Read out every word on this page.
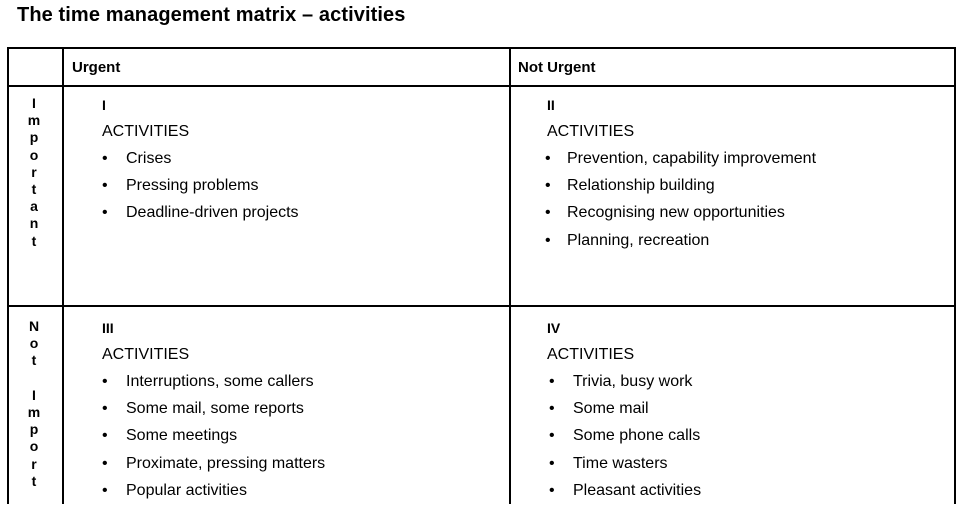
The time management matrix – activities
Urgent	Not Urgent
I
m
p
o
r
t
a
n
t
N
o
t
I
m
p
o
r
t
I
ACTIVITIES
• Crises
• Pressing problems
• Deadline-driven projects
II
ACTIVITIES
• Prevention, capability improvement
• Relationship building
• Recognising new opportunities
• Planning, recreation
III
ACTIVITIES
• Interruptions, some callers
• Some mail, some reports
• Some meetings
• Proximate, pressing matters
• Popular activities
IV
ACTIVITIES
• Trivia, busy work
• Some mail
• Some phone calls
• Time wasters
• Pleasant activities
